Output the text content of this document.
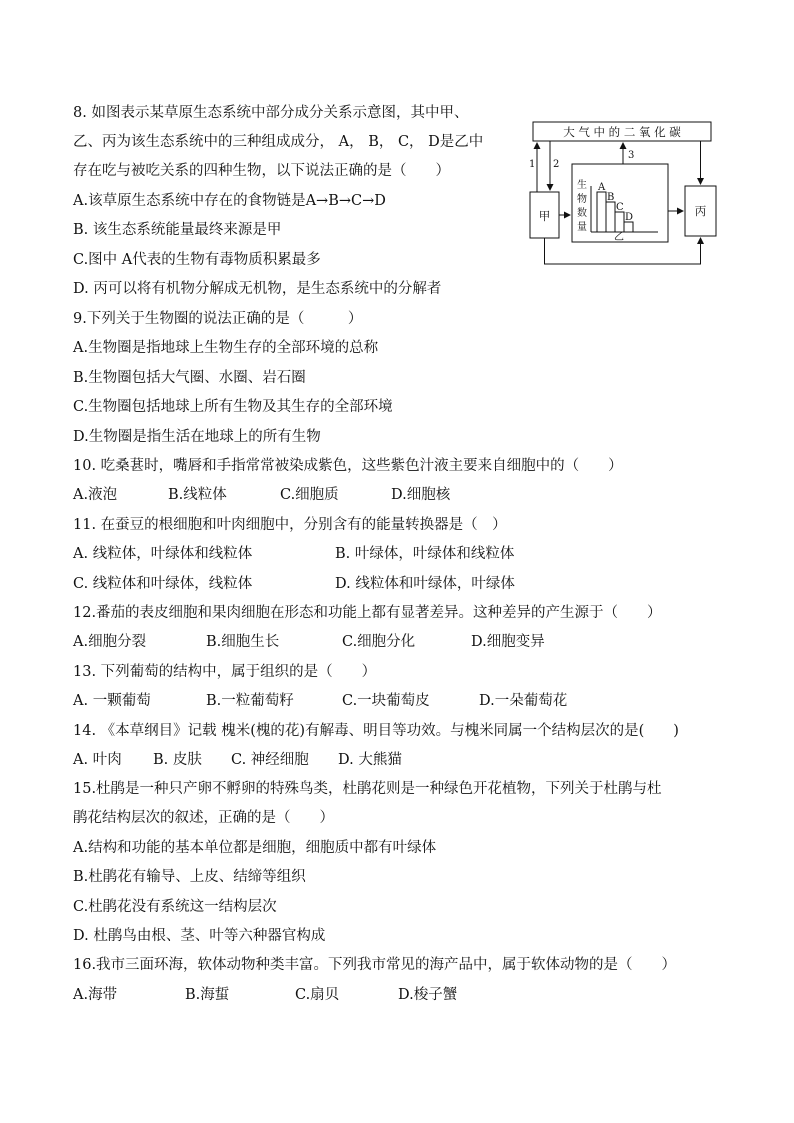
8. 如图表示某草原生态系统中部分成分关系示意图，其中甲、
乙、丙为该生态系统中的三种组成成分， A， B， C， D是乙中
存在吃与被吃关系的四种生物，以下说法正确的是（　　）
A.该草原生态系统中存在的食物链是A→B→C→D
B. 该生态系统能量最终来源是甲
C.图中 A代表的生物有毒物质积累最多
D. 丙可以将有机物分解成无机物，是生态系统中的分解者
大 气 中 的 二 氧 化 碳
甲	丙
生
物
数
量
A
B
C
D
乙
1 2
3
9.下列关于生物圈的说法正确的是（　　　）
A.生物圈是指地球上生物生存的全部环境的总称
B.生物圈包括大气圈、水圈、岩石圈
C.生物圈包括地球上所有生物及其生存的全部环境
D.生物圈是指生活在地球上的所有生物
10. 吃桑葚时，嘴唇和手指常常被染成紫色，这些紫色汁液主要来自细胞中的（　　）
A.液泡	B.线粒体	C.细胞质	D.细胞核
11. 在蚕豆的根细胞和叶肉细胞中，分别含有的能量转换器是（　）
A. 线粒体，叶绿体和线粒体	B. 叶绿体，叶绿体和线粒体
C. 线粒体和叶绿体，线粒体	D. 线粒体和叶绿体，叶绿体
12.番茄的表皮细胞和果肉细胞在形态和功能上都有显著差异。这种差异的产生源于（　　）
A.细胞分裂	B.细胞生长	C.细胞分化	D.细胞变异
13. 下列葡萄的结构中，属于组织的是（　　）
A. 一颗葡萄	B.一粒葡萄籽	C.一块葡萄皮	D.一朵葡萄花
14. 《本草纲目》记载 槐米(槐的花)有解毒、明目等功效。与槐米同属一个结构层次的是(　　)
A. 叶肉 B. 皮肤 C. 神经细胞 D. 大熊猫
15.杜鹃是一种只产卵不孵卵的特殊鸟类，杜鹃花则是一种绿色开花植物，下列关于杜鹃与杜
鹃花结构层次的叙述，正确的是（　　）
A.结构和功能的基本单位都是细胞，细胞质中都有叶绿体
B.杜鹃花有输导、上皮、结缔等组织
C.杜鹃花没有系统这一结构层次
D. 杜鹃鸟由根、茎、叶等六种器官构成
16.我市三面环海，软体动物种类丰富。下列我市常见的海产品中，属于软体动物的是（　　）
A.海带	B.海蜇	C.扇贝	D.梭子蟹
